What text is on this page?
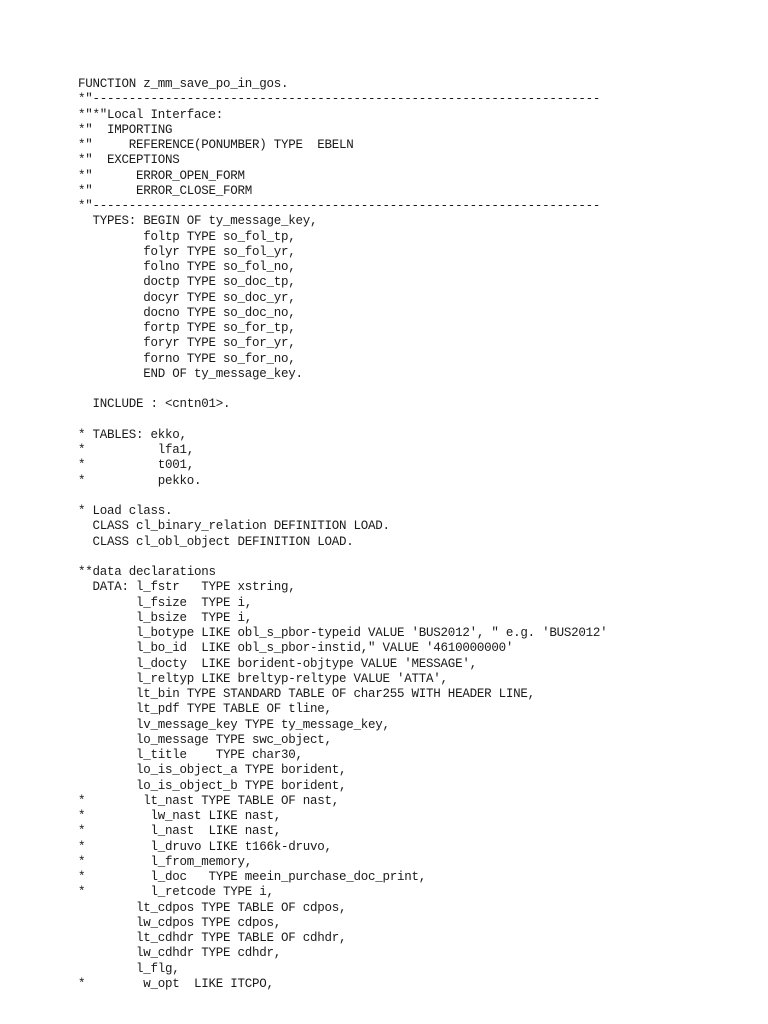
FUNCTION z_mm_save_po_in_gos.
*"----------------------------------------------------------------------
*"*"Local Interface:
*"  IMPORTING
*"     REFERENCE(PONUMBER) TYPE  EBELN
*"  EXCEPTIONS
*"      ERROR_OPEN_FORM
*"      ERROR_CLOSE_FORM
*"----------------------------------------------------------------------
TYPES: BEGIN OF ty_message_key,
foltp TYPE so_fol_tp,
folyr TYPE so_fol_yr,
folno TYPE so_fol_no,
doctp TYPE so_doc_tp,
docyr TYPE so_doc_yr,
docno TYPE so_doc_no,
fortp TYPE so_for_tp,
foryr TYPE so_for_yr,
forno TYPE so_for_no,
END OF ty_message_key.
INCLUDE : <cntn01>.
* TABLES: ekko,
*          lfa1,
*          t001,
*          pekko.
* Load class.
CLASS cl_binary_relation DEFINITION LOAD.
CLASS cl_obl_object DEFINITION LOAD.
**data declarations
DATA: l_fstr   TYPE xstring,
l_fsize  TYPE i,
l_bsize  TYPE i,
l_botype LIKE obl_s_pbor-typeid VALUE 'BUS2012', " e.g. 'BUS2012'
l_bo_id  LIKE obl_s_pbor-instid," VALUE '4610000000'
l_docty  LIKE borident-objtype VALUE 'MESSAGE',
l_reltyp LIKE breltyp-reltype VALUE 'ATTA',
lt_bin TYPE STANDARD TABLE OF char255 WITH HEADER LINE,
lt_pdf TYPE TABLE OF tline,
lv_message_key TYPE ty_message_key,
lo_message TYPE swc_object,
l_title    TYPE char30,
lo_is_object_a TYPE borident,
lo_is_object_b TYPE borident,
*        lt_nast TYPE TABLE OF nast,
*         lw_nast LIKE nast,
*         l_nast  LIKE nast,
*         l_druvo LIKE t166k-druvo,
*         l_from_memory,
*         l_doc   TYPE meein_purchase_doc_print,
*         l_retcode TYPE i,
lt_cdpos TYPE TABLE OF cdpos,
lw_cdpos TYPE cdpos,
lt_cdhdr TYPE TABLE OF cdhdr,
lw_cdhdr TYPE cdhdr,
l_flg,
*        w_opt  LIKE ITCPO,
